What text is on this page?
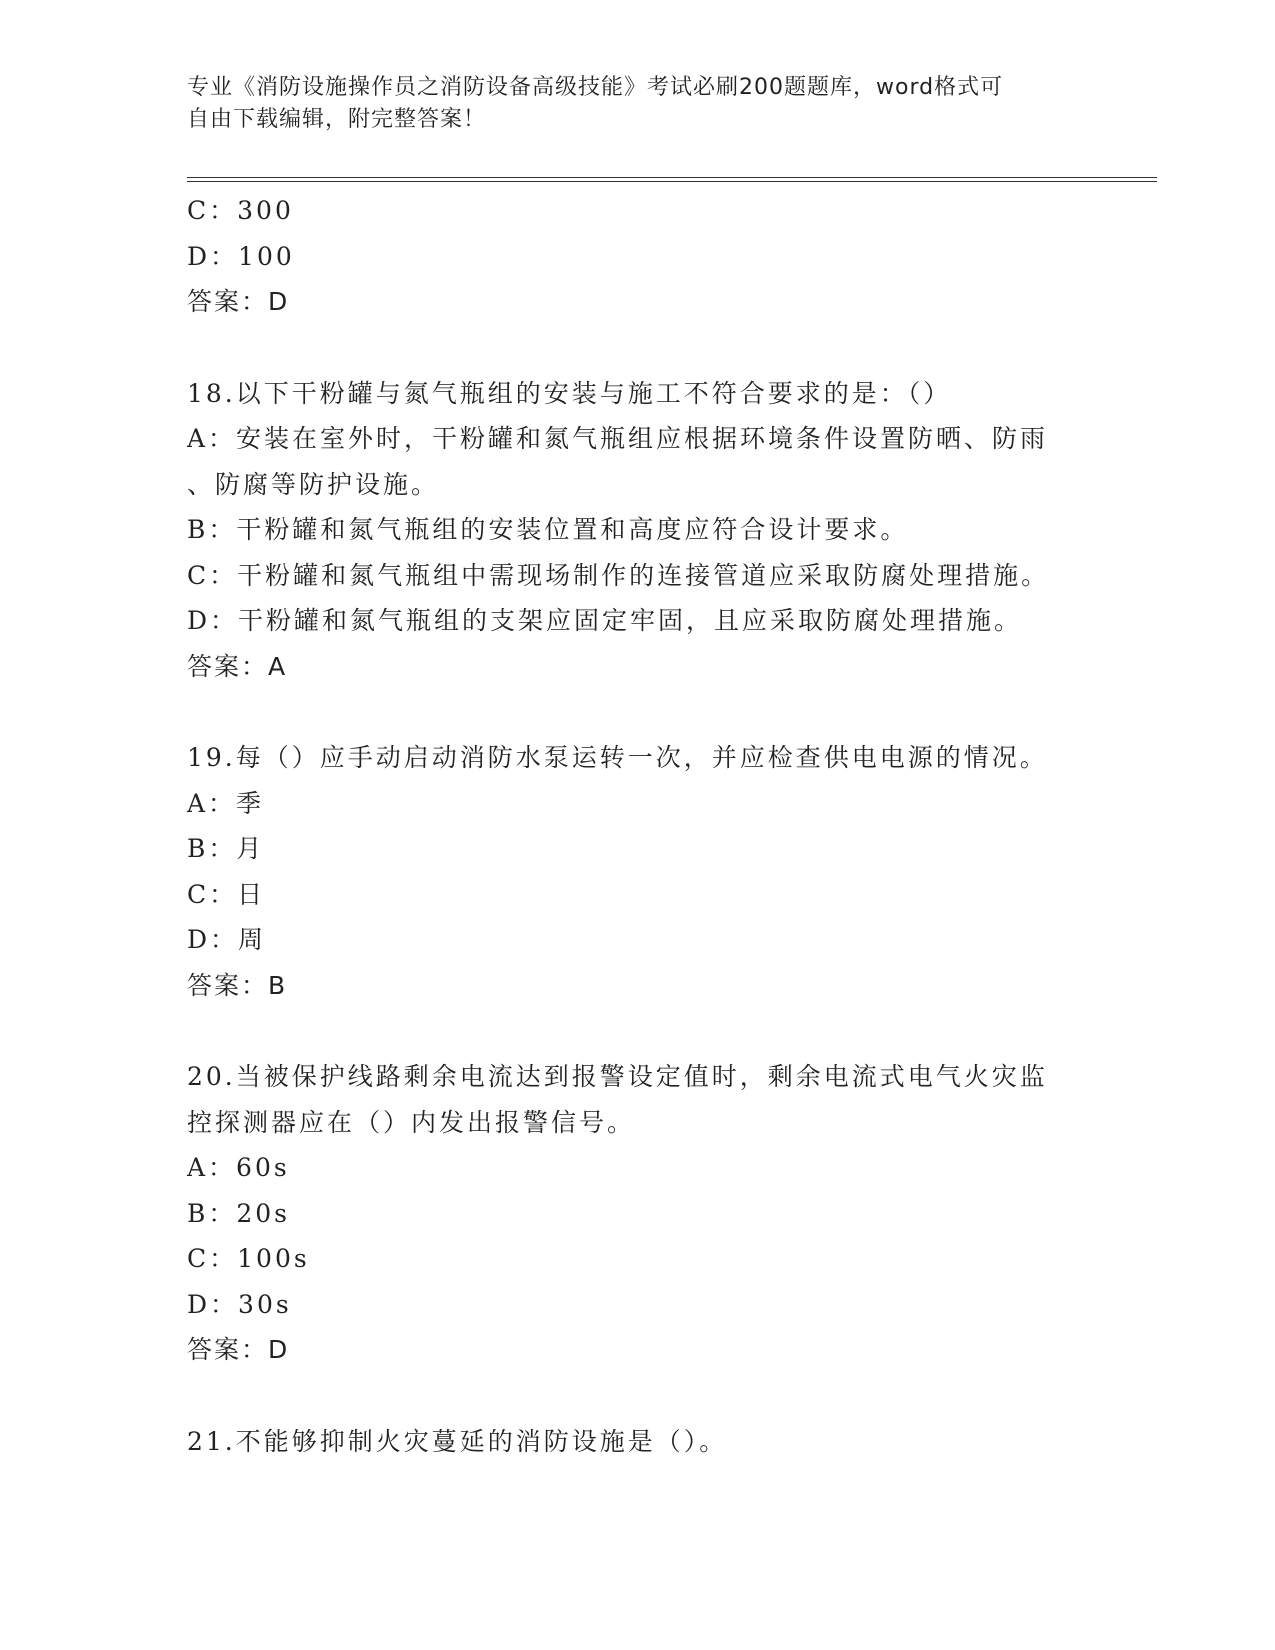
专业《消防设施操作员之消防设备高级技能》考试必刷200题题库，word格式可
自由下载编辑，附完整答案！
C：300
D：100
答案：D
18.以下干粉罐与氮气瓶组的安装与施工不符合要求的是：（）
A：安装在室外时，干粉罐和氮气瓶组应根据环境条件设置防晒、防雨
、防腐等防护设施。
B：干粉罐和氮气瓶组的安装位置和高度应符合设计要求。
C：干粉罐和氮气瓶组中需现场制作的连接管道应采取防腐处理措施。
D：干粉罐和氮气瓶组的支架应固定牢固，且应采取防腐处理措施。
答案：A
19.每（）应手动启动消防水泵运转一次，并应检查供电电源的情况。
A：季
B：月
C：日
D：周
答案：B
20.当被保护线路剩余电流达到报警设定值时，剩余电流式电气火灾监
控探测器应在（）内发出报警信号。
A：60s
B：20s
C：100s
D：30s
答案：D
21.不能够抑制火灾蔓延的消防设施是（）。
